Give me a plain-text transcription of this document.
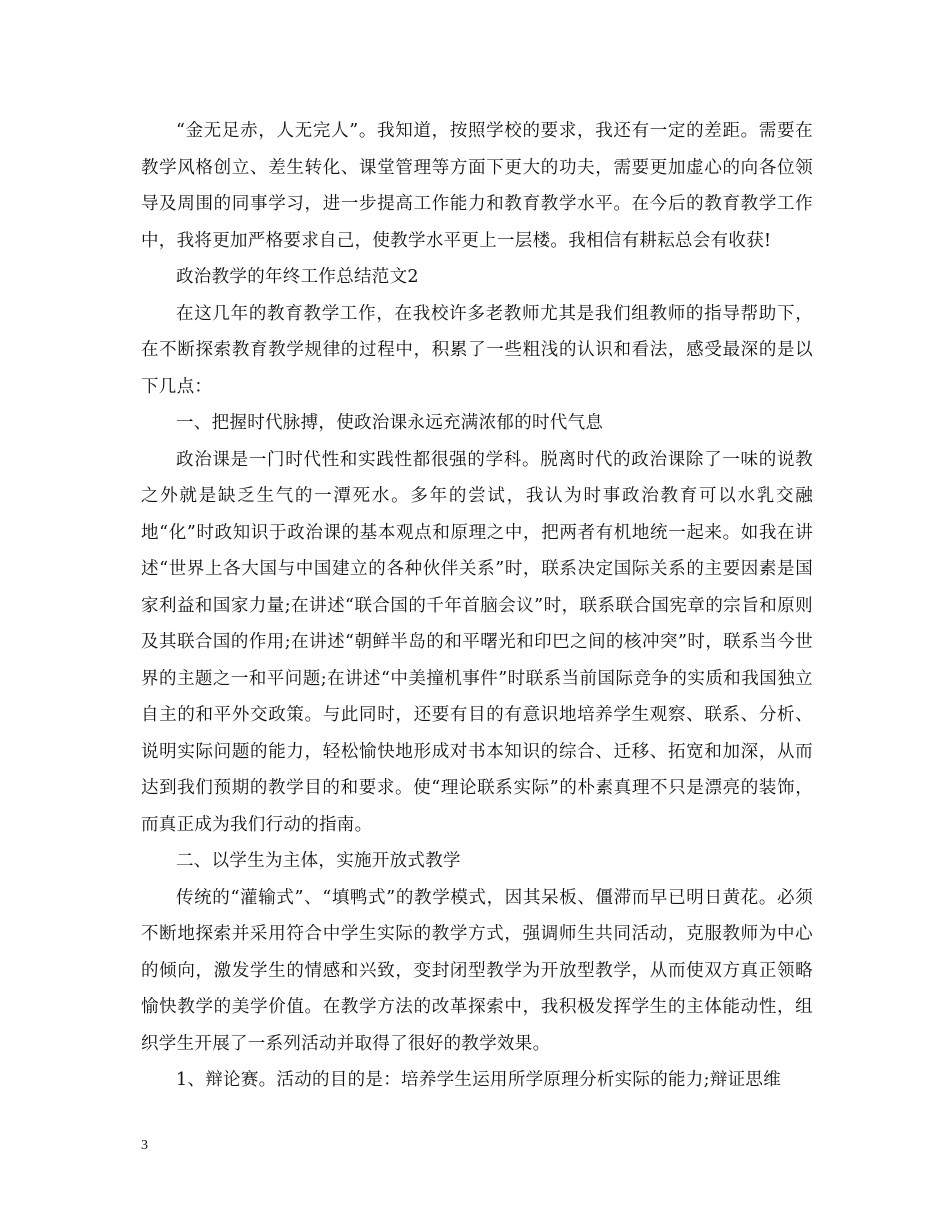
“金无足赤，人无完人”。我知道，按照学校的要求，我还有一定的差距。需要在教学风格创立、差生转化、课堂管理等方面下更大的功夫，需要更加虚心的向各位领导及周围的同事学习，进一步提高工作能力和教育教学水平。在今后的教育教学工作中，我将更加严格要求自己，使教学水平更上一层楼。我相信有耕耘总会有收获!

政治教学的年终工作总结范文2

在这几年的教育教学工作，在我校许多老教师尤其是我们组教师的指导帮助下，在不断探索教育教学规律的过程中，积累了一些粗浅的认识和看法，感受最深的是以下几点：

一、把握时代脉搏，使政治课永远充满浓郁的时代气息

政治课是一门时代性和实践性都很强的学科。脱离时代的政治课除了一味的说教之外就是缺乏生气的一潭死水。多年的尝试，我认为时事政治教育可以水乳交融地“化”时政知识于政治课的基本观点和原理之中，把两者有机地统一起来。如我在讲述“世界上各大国与中国建立的各种伙伴关系”时，联系决定国际关系的主要因素是国家利益和国家力量;在讲述“联合国的千年首脑会议”时，联系联合国宪章的宗旨和原则及其联合国的作用;在讲述“朝鲜半岛的和平曙光和印巴之间的核冲突”时，联系当今世界的主题之一和平问题;在讲述“中美撞机事件”时联系当前国际竞争的实质和我国独立自主的和平外交政策。与此同时，还要有目的有意识地培养学生观察、联系、分析、说明实际问题的能力，轻松愉快地形成对书本知识的综合、迁移、拓宽和加深，从而达到我们预期的教学目的和要求。使“理论联系实际”的朴素真理不只是漂亮的装饰，而真正成为我们行动的指南。

二、以学生为主体，实施开放式教学

传统的“灌输式”、“填鸭式”的教学模式，因其呆板、僵滞而早已明日黄花。必须不断地探索并采用符合中学生实际的教学方式，强调师生共同活动，克服教师为中心的倾向，激发学生的情感和兴致，变封闭型教学为开放型教学，从而使双方真正领略愉快教学的美学价值。在教学方法的改革探索中，我积极发挥学生的主体能动性，组织学生开展了一系列活动并取得了很好的教学效果。

1、辩论赛。活动的目的是：培养学生运用所学原理分析实际的能力;辩证思维

3
